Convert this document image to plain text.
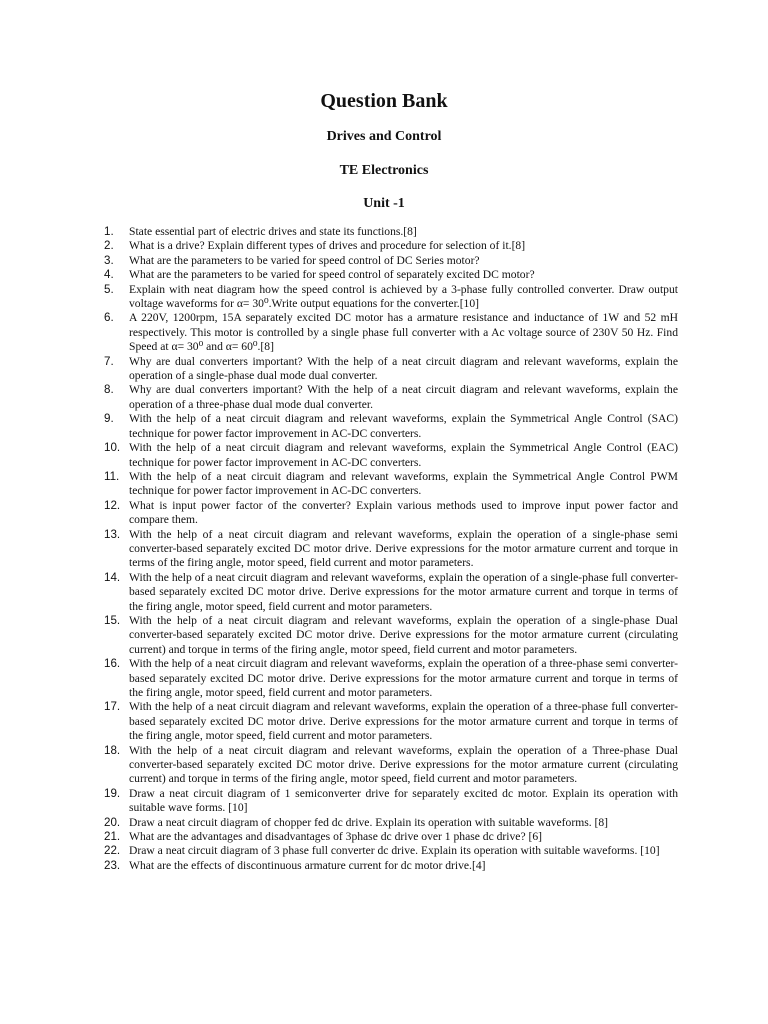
Question Bank
Drives and Control
TE Electronics
Unit -1
1. State essential part of electric drives and state its functions.[8]
2. What is a drive? Explain different types of drives and procedure for selection of it.[8]
3. What are the parameters to be varied for speed control of DC Series motor?
4. What are the parameters to be varied for speed control of separately excited DC motor?
5. Explain with neat diagram how the speed control is achieved by a 3-phase fully controlled converter. Draw output voltage waveforms for α= 30⁰.Write output equations for the converter.[10]
6. A 220V, 1200rpm, 15A separately excited DC motor has a armature resistance and inductance of 1W and 52 mH respectively. This motor is controlled by a single phase full converter with a Ac voltage source of 230V 50 Hz. Find Speed at α= 30⁰ and α= 60⁰.[8]
7. Why are dual converters important? With the help of a neat circuit diagram and relevant waveforms, explain the operation of a single-phase dual mode dual converter.
8. Why are dual converters important? With the help of a neat circuit diagram and relevant waveforms, explain the operation of a three-phase dual mode dual converter.
9. With the help of a neat circuit diagram and relevant waveforms, explain the Symmetrical Angle Control (SAC) technique for power factor improvement in AC-DC converters.
10. With the help of a neat circuit diagram and relevant waveforms, explain the Symmetrical Angle Control (EAC) technique for power factor improvement in AC-DC converters.
11. With the help of a neat circuit diagram and relevant waveforms, explain the Symmetrical Angle Control PWM technique for power factor improvement in AC-DC converters.
12. What is input power factor of the converter? Explain various methods used to improve input power factor and compare them.
13. With the help of a neat circuit diagram and relevant waveforms, explain the operation of a single-phase semi converter-based separately excited DC motor drive. Derive expressions for the motor armature current and torque in terms of the firing angle, motor speed, field current and motor parameters.
14. With the help of a neat circuit diagram and relevant waveforms, explain the operation of a single-phase full converter-based separately excited DC motor drive. Derive expressions for the motor armature current and torque in terms of the firing angle, motor speed, field current and motor parameters.
15. With the help of a neat circuit diagram and relevant waveforms, explain the operation of a single-phase Dual converter-based separately excited DC motor drive. Derive expressions for the motor armature current (circulating current) and torque in terms of the firing angle, motor speed, field current and motor parameters.
16. With the help of a neat circuit diagram and relevant waveforms, explain the operation of a three-phase semi converter-based separately excited DC motor drive. Derive expressions for the motor armature current and torque in terms of the firing angle, motor speed, field current and motor parameters.
17. With the help of a neat circuit diagram and relevant waveforms, explain the operation of a three-phase full converter-based separately excited DC motor drive. Derive expressions for the motor armature current and torque in terms of the firing angle, motor speed, field current and motor parameters.
18. With the help of a neat circuit diagram and relevant waveforms, explain the operation of a Three-phase Dual converter-based separately excited DC motor drive. Derive expressions for the motor armature current (circulating current) and torque in terms of the firing angle, motor speed, field current and motor parameters.
19. Draw a neat circuit diagram of 1 semiconverter drive for separately excited dc motor. Explain its operation with suitable wave forms. [10]
20. Draw a neat circuit diagram of chopper fed dc drive. Explain its operation with suitable waveforms. [8]
21. What are the advantages and disadvantages of 3phase dc drive over 1 phase dc drive? [6]
22. Draw a neat circuit diagram of 3 phase full converter dc drive. Explain its operation with suitable waveforms. [10]
23. What are the effects of discontinuous armature current for dc motor drive.[4]
